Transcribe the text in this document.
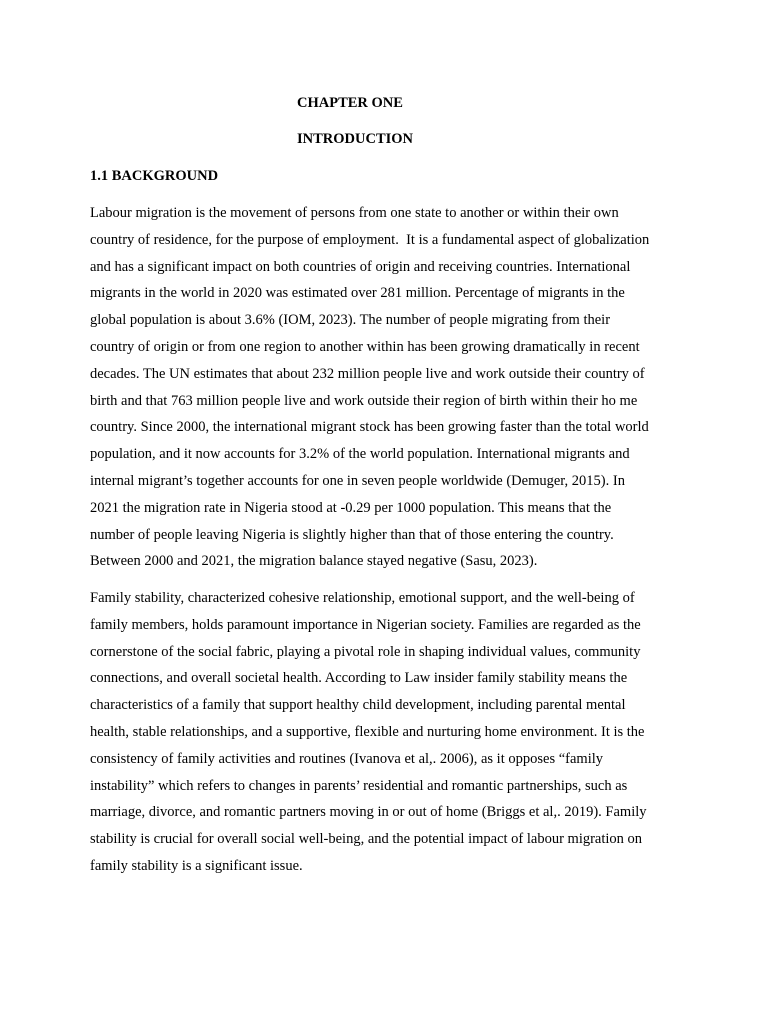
CHAPTER ONE
INTRODUCTION
1.1 BACKGROUND
Labour migration is the movement of persons from one state to another or within their own
country of residence, for the purpose of employment.  It is a fundamental aspect of globalization
and has a significant impact on both countries of origin and receiving countries. International
migrants in the world in 2020 was estimated over 281 million. Percentage of migrants in the
global population is about 3.6% (IOM, 2023). The number of people migrating from their
country of origin or from one region to another within has been growing dramatically in recent
decades. The UN estimates that about 232 million people live and work outside their country of
birth and that 763 million people live and work outside their region of birth within their ho me
country. Since 2000, the international migrant stock has been growing faster than the total world
population, and it now accounts for 3.2% of the world population. International migrants and
internal migrant’s together accounts for one in seven people worldwide (Demuger, 2015). In
2021 the migration rate in Nigeria stood at -0.29 per 1000 population. This means that the
number of people leaving Nigeria is slightly higher than that of those entering the country.
Between 2000 and 2021, the migration balance stayed negative (Sasu, 2023).
Family stability, characterized cohesive relationship, emotional support, and the well-being of
family members, holds paramount importance in Nigerian society. Families are regarded as the
cornerstone of the social fabric, playing a pivotal role in shaping individual values, community
connections, and overall societal health. According to Law insider family stability means the
characteristics of a family that support healthy child development, including parental mental
health, stable relationships, and a supportive, flexible and nurturing home environment. It is the
consistency of family activities and routines (Ivanova et al,. 2006), as it opposes “family
instability” which refers to changes in parents’ residential and romantic partnerships, such as
marriage, divorce, and romantic partners moving in or out of home (Briggs et al,. 2019). Family
stability is crucial for overall social well-being, and the potential impact of labour migration on
family stability is a significant issue.
